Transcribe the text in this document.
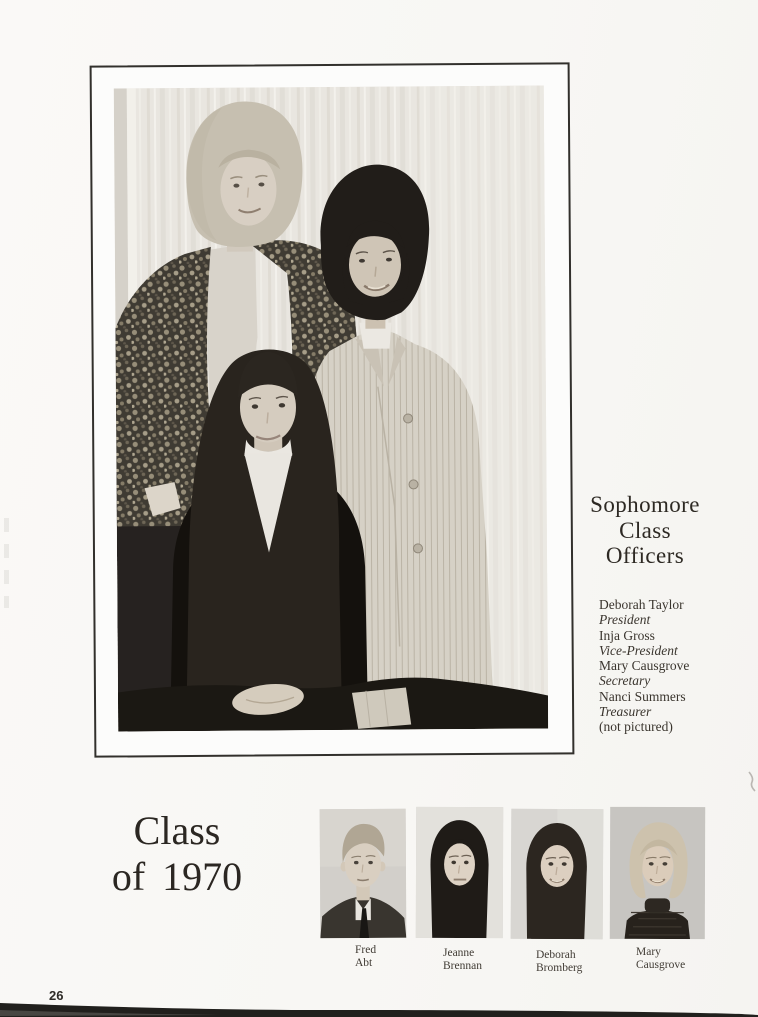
Sophomore
Class
Officers
Deborah Taylor
President
Inja Gross
Vice-President
Mary Causgrove
Secretary
Nanci Summers
Treasurer
(not pictured)
Class
of 1970
Fred
Abt
Jeanne
Brennan
Deborah
Bromberg
Mary
Causgrove
26
